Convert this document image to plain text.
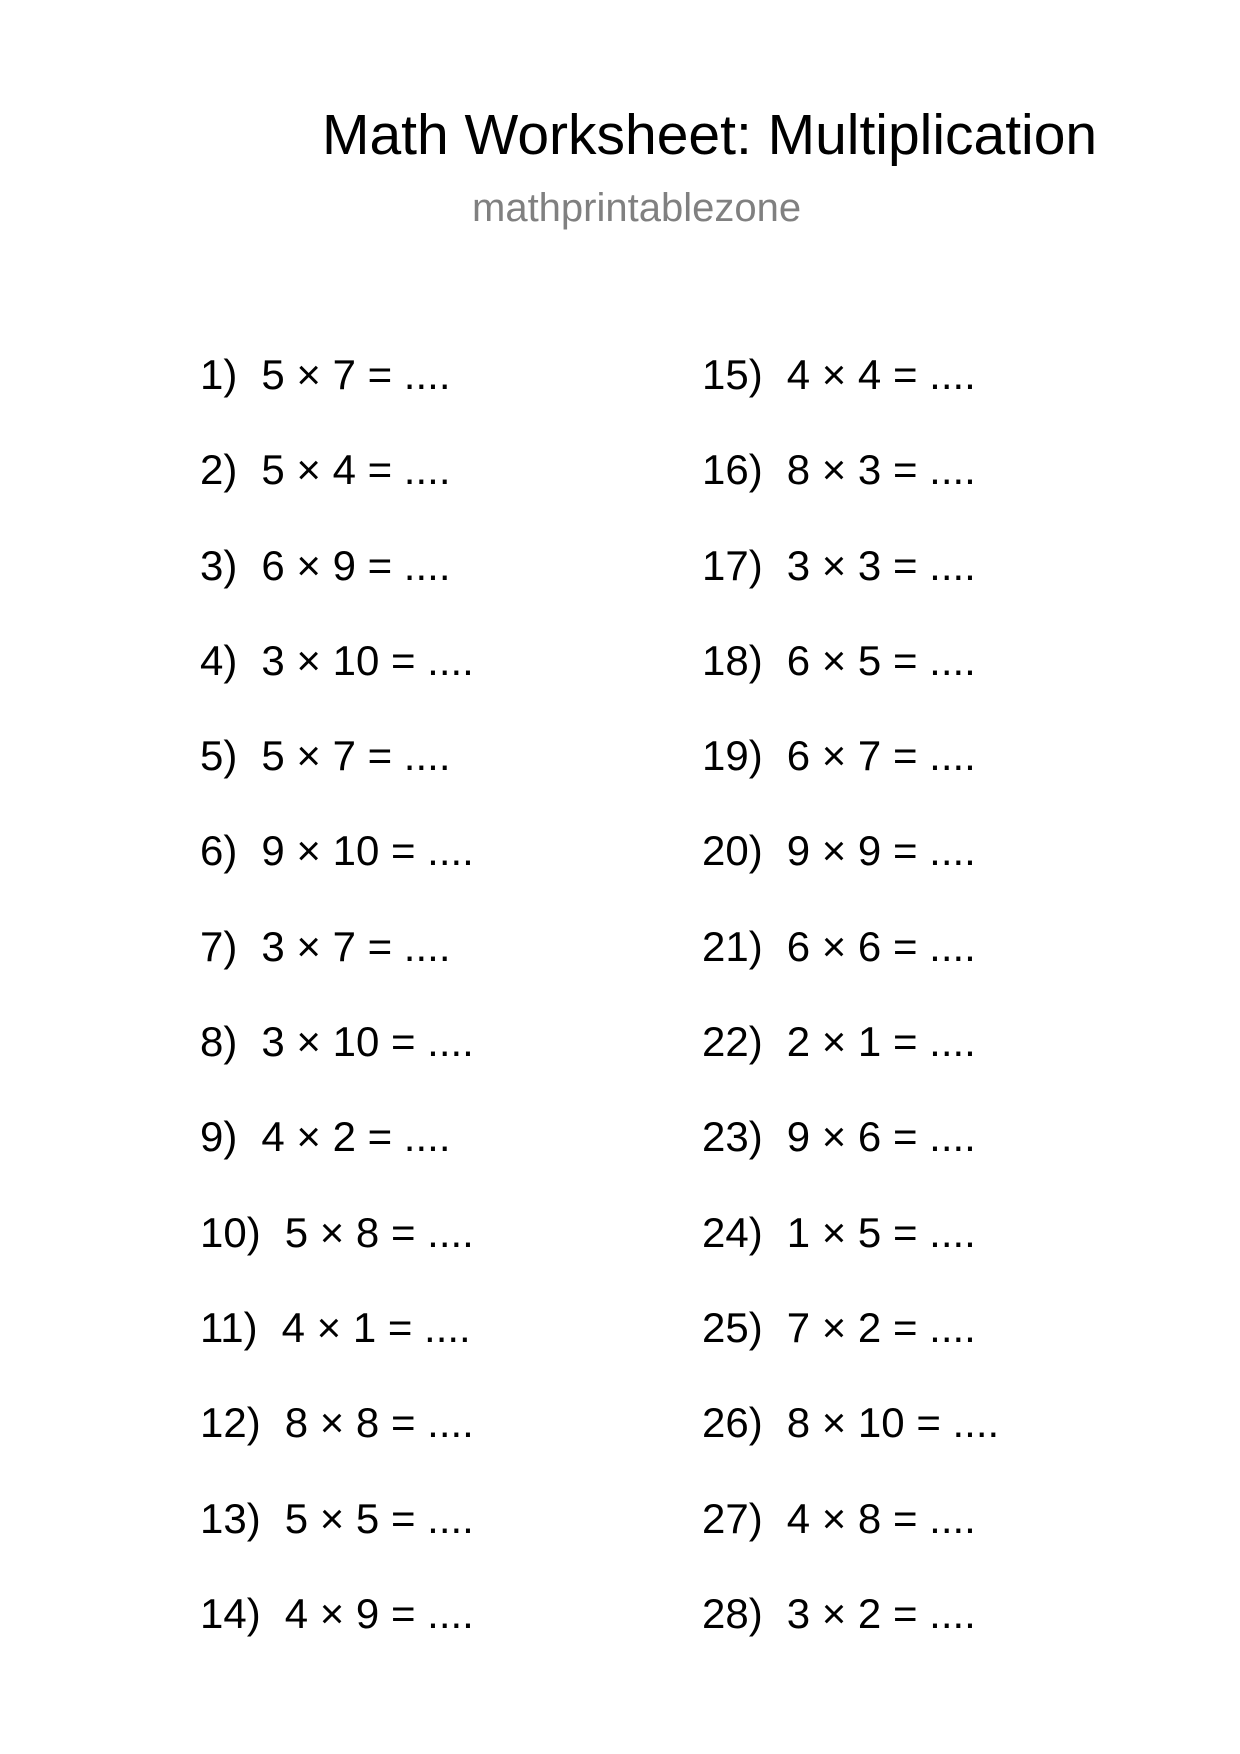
Math Worksheet: Multiplication
mathprintablezone
1) 5 × 7 = ....
2) 5 × 4 = ....
3) 6 × 9 = ....
4) 3 × 10 = ....
5) 5 × 7 = ....
6) 9 × 10 = ....
7) 3 × 7 = ....
8) 3 × 10 = ....
9) 4 × 2 = ....
10) 5 × 8 = ....
11) 4 × 1 = ....
12) 8 × 8 = ....
13) 5 × 5 = ....
14) 4 × 9 = ....
15) 4 × 4 = ....
16) 8 × 3 = ....
17) 3 × 3 = ....
18) 6 × 5 = ....
19) 6 × 7 = ....
20) 9 × 9 = ....
21) 6 × 6 = ....
22) 2 × 1 = ....
23) 9 × 6 = ....
24) 1 × 5 = ....
25) 7 × 2 = ....
26) 8 × 10 = ....
27) 4 × 8 = ....
28) 3 × 2 = ....
